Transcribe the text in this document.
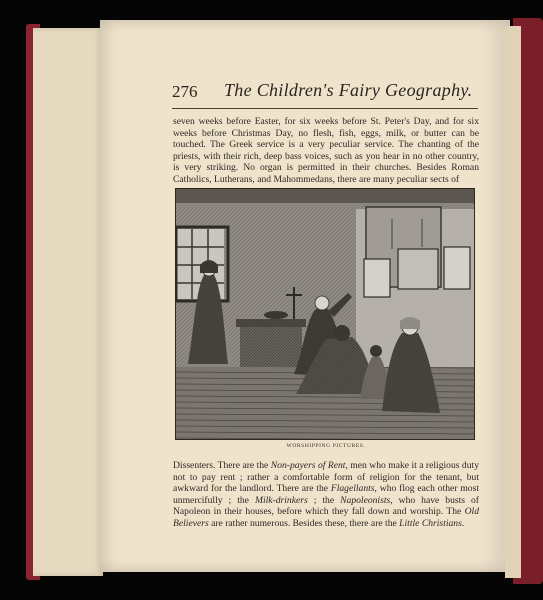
276 The Children's Fairy Geography.
seven weeks before Easter, for six weeks before St. Peter's Day, and for six weeks before Christmas Day, no flesh, fish, eggs, milk, or butter can be touched. The Greek service is a very peculiar service. The chanting of the priests, with their rich, deep bass voices, such as you hear in no other country, is very striking. No organ is permitted in their churches. Besides Roman Catholics, Lutherans, and Mahommedans, there are many peculiar sects of
WORSHIPPING PICTURES.
Dissenters. There are the Non-payers of Rent, men who make it a religious duty not to pay rent ; rather a comfortable form of religion for the tenant, but awkward for the landlord. There are the Flagellants, who flog each other most unmercifully ; the Milk-drinkers ; the Napoleonists, who have busts of Napoleon in their houses, before which they fall down and worship. The Old Believers are rather numerous. Besides these, there are the Little Christians.
